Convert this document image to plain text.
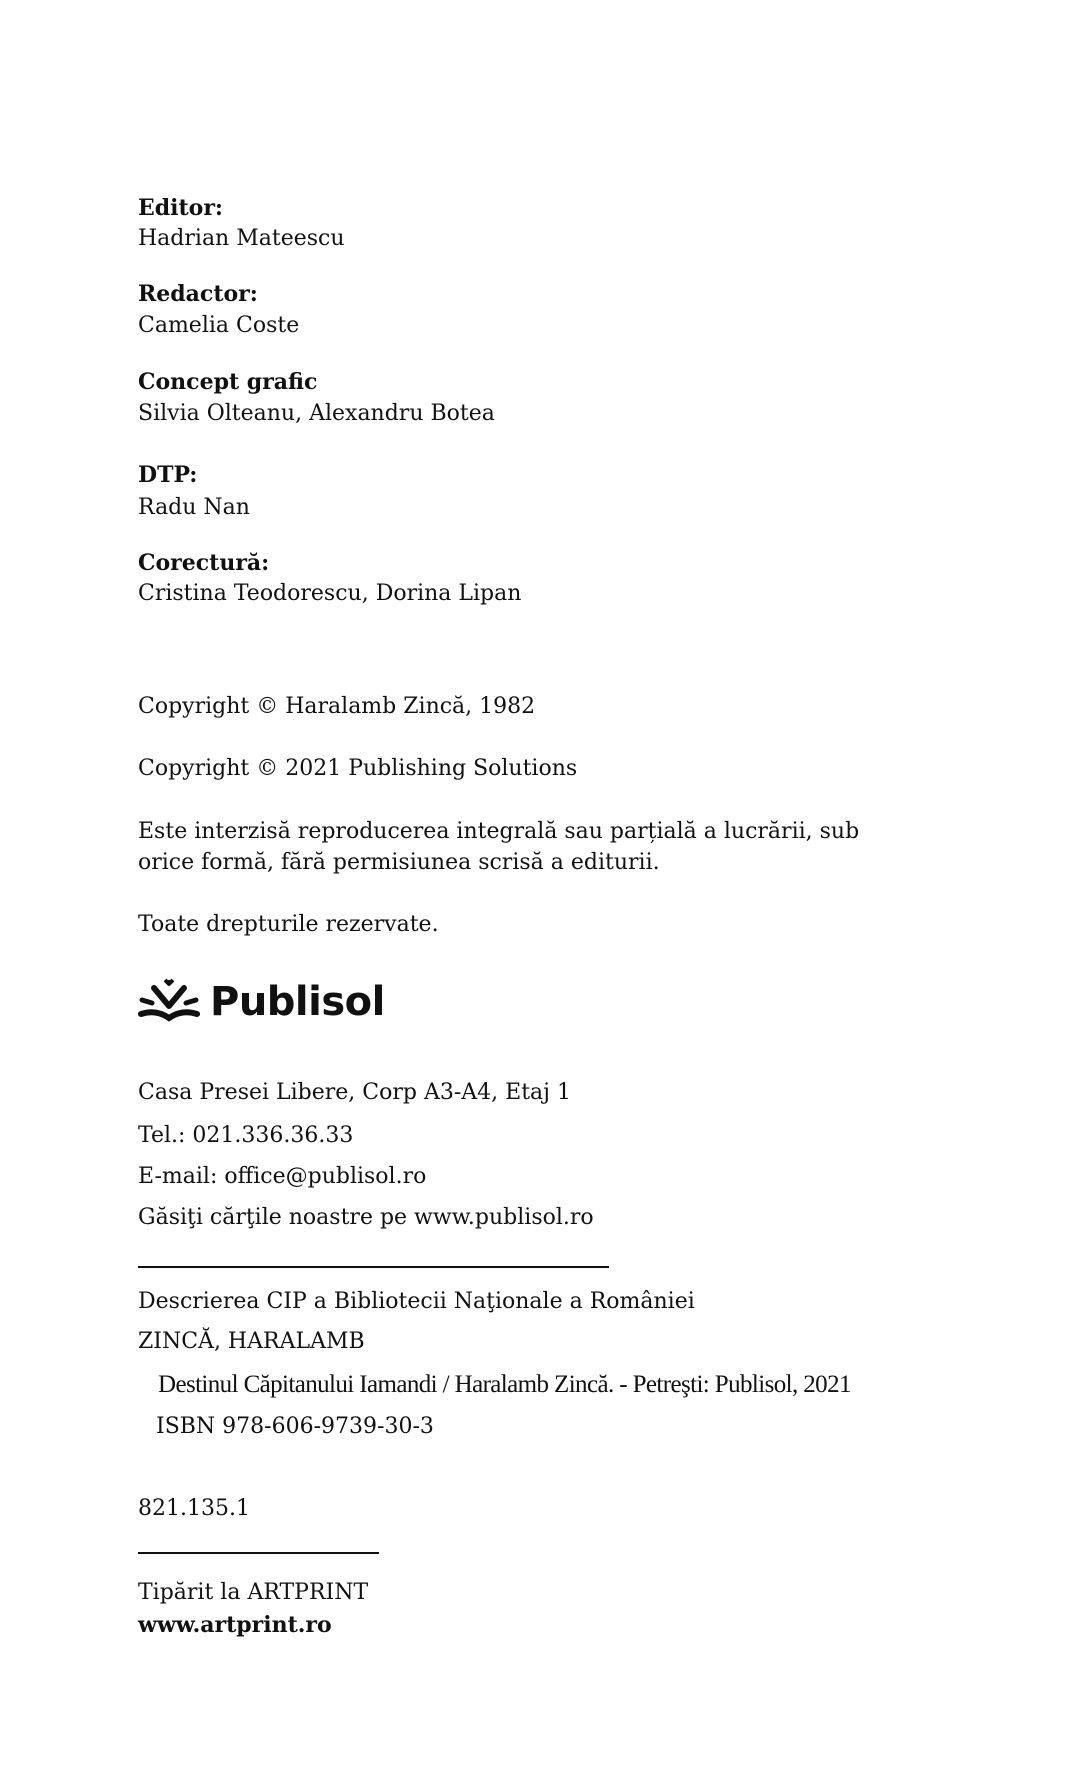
Editor:
Hadrian Mateescu
Redactor:
Camelia Coste
Concept grafic
Silvia Olteanu, Alexandru Botea
DTP:
Radu Nan
Corectură:
Cristina Teodorescu, Dorina Lipan
Copyright © Haralamb Zincă, 1982
Copyright © 2021 Publishing Solutions
Este interzisă reproducerea integrală sau parțială a lucrării, sub
orice formă, fără permisiunea scrisă a editurii.
Toate drepturile rezervate.
Publisol
Casa Presei Libere, Corp A3-A4, Etaj 1
Tel.: 021.336.36.33
E-mail: office@publisol.ro
Găsiţi cărţile noastre pe www.publisol.ro
Descrierea CIP a Bibliotecii Naţionale a României
ZINCĂ, HARALAMB
Destinul Căpitanului Iamandi / Haralamb Zincă. - Petreşti: Publisol, 2021
ISBN 978-606-9739-30-3
821.135.1
Tipărit la ARTPRINT
www.artprint.ro
